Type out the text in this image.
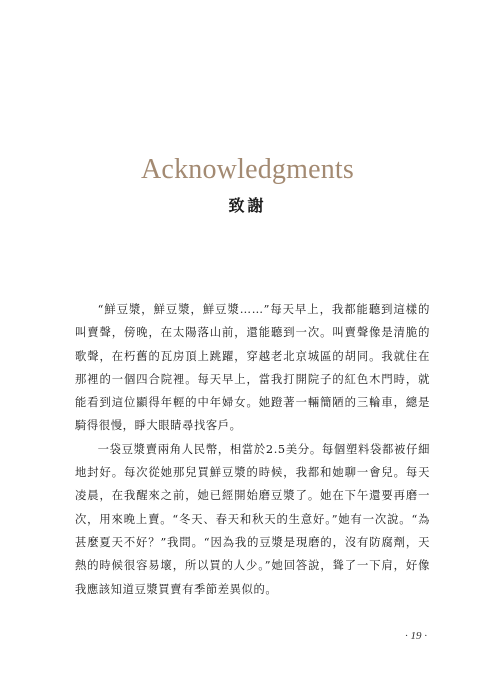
Acknowledgments
致謝

“鮮豆漿，鮮豆漿，鮮豆漿……”每天早上，我都能聽到這樣的叫賣聲，傍晚，在太陽落山前，還能聽到一次。叫賣聲像是清脆的歌聲，在朽舊的瓦房頂上跳躍，穿越老北京城區的胡同。我就住在那裡的一個四合院裡。每天早上，當我打開院子的紅色木門時，就能看到這位顯得年輕的中年婦女。她蹬著一輛簡陋的三輪車，總是騎得很慢，睜大眼睛尋找客戶。

一袋豆漿賣兩角人民幣，相當於2.5美分。每個塑料袋都被仔細地封好。每次從她那兒買鮮豆漿的時候，我都和她聊一會兒。每天凌晨，在我醒來之前，她已經開始磨豆漿了。她在下午還要再磨一次，用來晚上賣。“冬天、春天和秋天的生意好。”她有一次說。“為甚麼夏天不好？”我問。“因為我的豆漿是現磨的，沒有防腐劑，天熱的時候很容易壞，所以買的人少。”她回答說，聳了一下肩，好像我應該知道豆漿買賣有季節差異似的。

· 19 ·
